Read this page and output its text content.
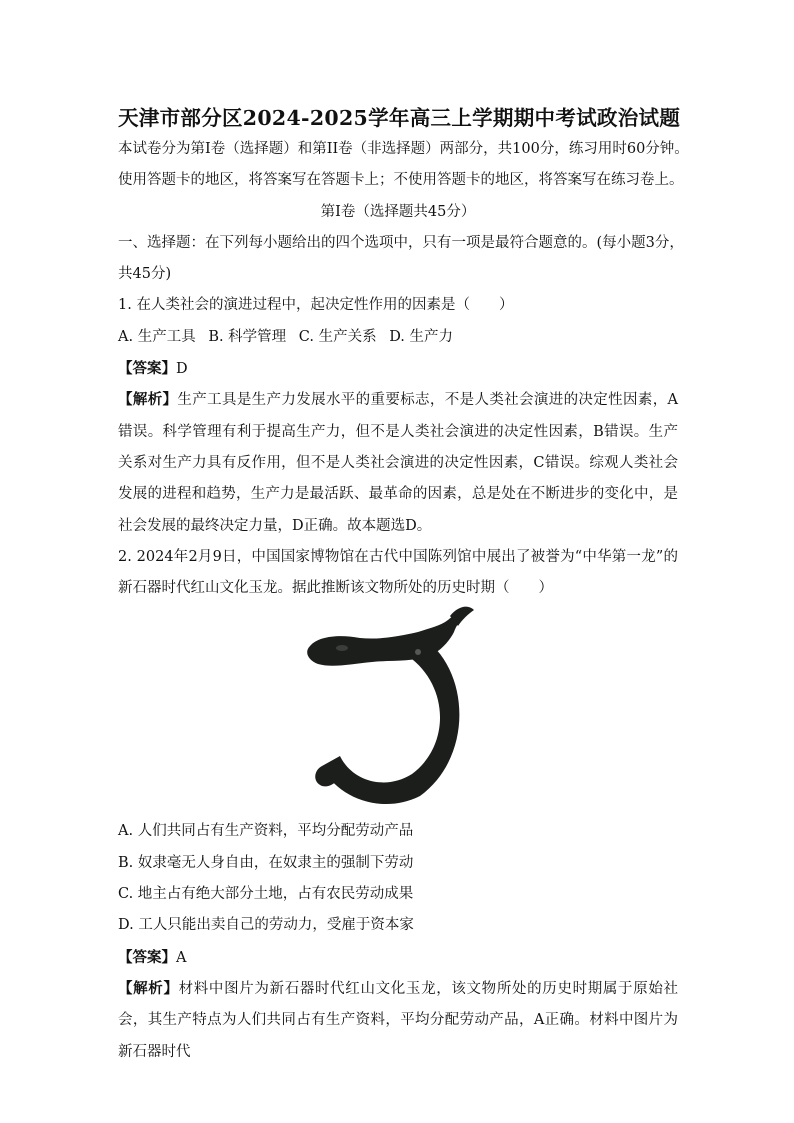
天津市部分区2024-2025学年高三上学期期中考试政治试题
本试卷分为第I卷（选择题）和第II卷（非选择题）两部分，共100分，练习用时60分钟。
使用答题卡的地区，将答案写在答题卡上；不使用答题卡的地区，将答案写在练习卷上。
第I卷（选择题共45分）
一、选择题：在下列每小题给出的四个选项中，只有一项是最符合题意的。(每小题3分，
共45分)
1. 在人类社会的演进过程中，起决定性作用的因素是（　　）
A. 生产工具 B. 科学管理 C. 生产关系 D. 生产力
【答案】D
【解析】生产工具是生产力发展水平的重要标志，不是人类社会演进的决定性因素，A错误。科学管理有利于提高生产力，但不是人类社会演进的决定性因素，B错误。生产关系对生产力具有反作用，但不是人类社会演进的决定性因素，C错误。综观人类社会发展的进程和趋势，生产力是最活跃、最革命的因素，总是处在不断进步的变化中，是社会发展的最终决定力量，D正确。故本题选D。
2. 2024年2月9日，中国国家博物馆在古代中国陈列馆中展出了被誉为“中华第一龙”的新石器时代红山文化玉龙。据此推断该文物所处的历史时期（　　）
A. 人们共同占有生产资料，平均分配劳动产品
B. 奴隶毫无人身自由，在奴隶主的强制下劳动
C. 地主占有绝大部分土地，占有农民劳动成果
D. 工人只能出卖自己的劳动力，受雇于资本家
【答案】A
【解析】材料中图片为新石器时代红山文化玉龙，该文物所处的历史时期属于原始社会，其生产特点为人们共同占有生产资料，平均分配劳动产品，A正确。材料中图片为新石器时代
